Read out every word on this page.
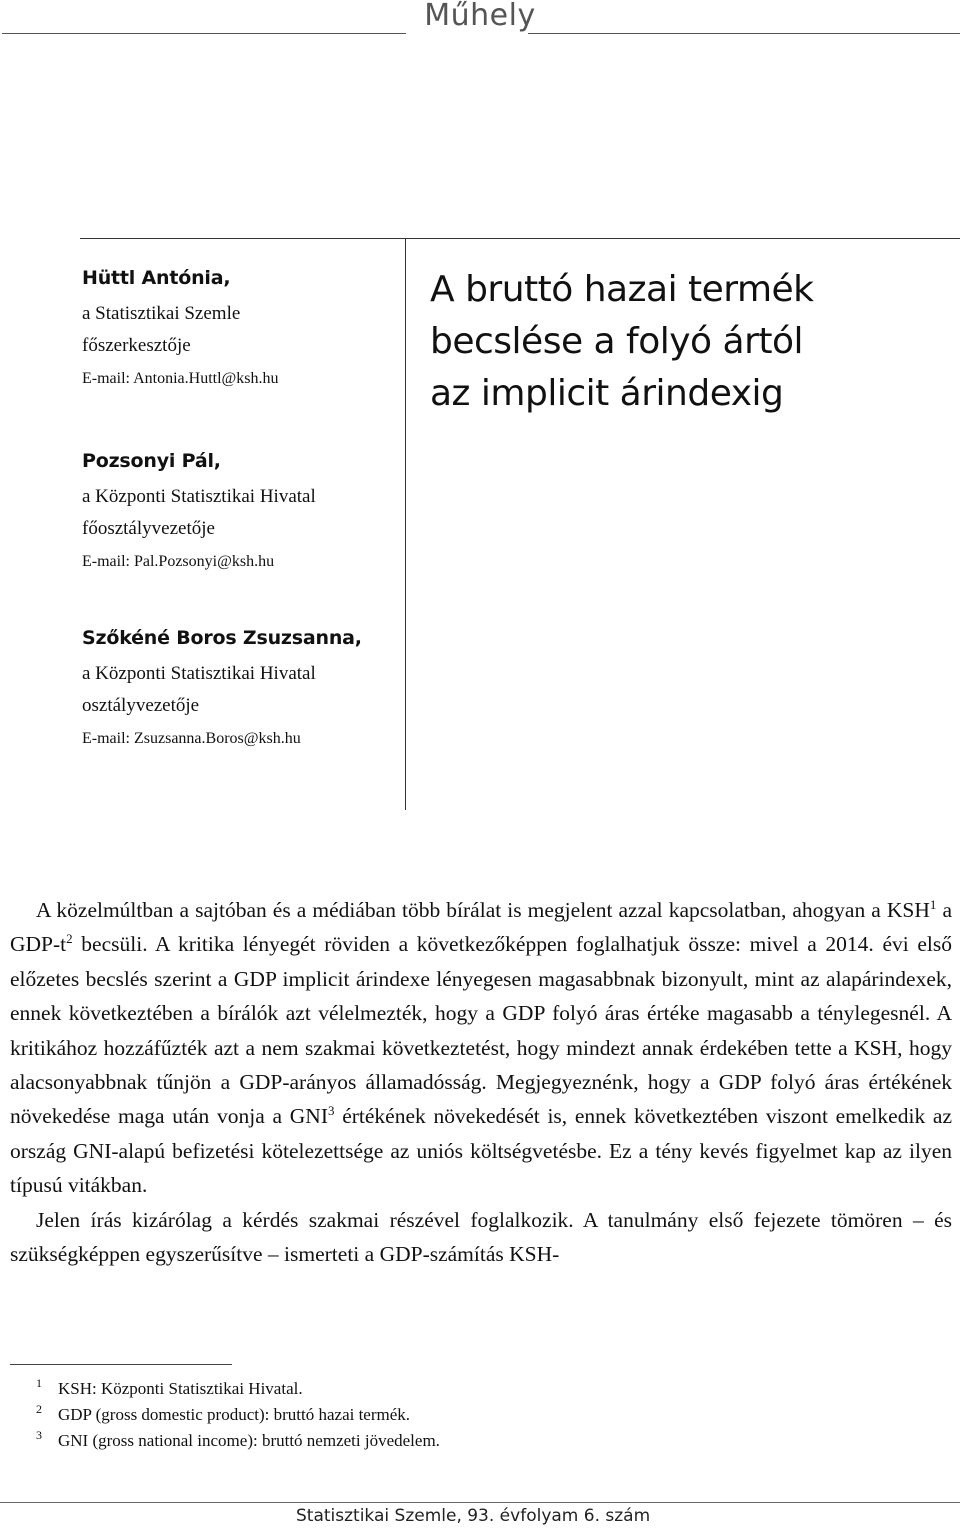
Műhely
Hüttl Antónia,
a Statisztikai Szemle
főszerkesztője
E-mail: Antonia.Huttl@ksh.hu
Pozsonyi Pál,
a Központi Statisztikai Hivatal
főosztályvezetője
E-mail: Pal.Pozsonyi@ksh.hu
Szőkéné Boros Zsuzsanna,
a Központi Statisztikai Hivatal
osztályvezetője
E-mail: Zsuzsanna.Boros@ksh.hu
A bruttó hazai termék
becslése a folyó ártól
az implicit árindexig

A közelmúltban a sajtóban és a médiában több bírálat is megjelent azzal kapcsolatban, ahogyan a KSH$^1$ a GDP-$t^2$ becsüli. A kritika lényegét röviden a következőképpen foglalhatjuk össze: mivel a 2014. évi első előzetes becslés szerint a GDP implicit árindexe lényegesen magasabbnak bizonyult, mint az alapárindexek, ennek következtében a bírálók azt vélelmezték, hogy a GDP folyó áras értéke magasabb a ténylegesnél. A kritikához hozzáfűzték azt a nem szakmai következtetést, hogy mindezt annak érdekében tette a KSH, hogy alacsonyabbnak tűnjön a GDP-arányos államadósság. Megjegyeznénk, hogy a GDP folyó áras értékének növekedése maga után vonja a GNI$^3$ értékének növekedését is, ennek következtében viszont emelkedik az ország GNI-alapú befizetési kötelezettsége az uniós költségvetésbe. Ez a tény kevés figyelmet kap az ilyen típusú vitákban.

Jelen írás kizárólag a kérdés szakmai részével foglalkozik. A tanulmány első fejezete tömören – és szükségképpen egyszerűsítve – ismerteti a GDP-számítás KSH-

1 KSH: Központi Statisztikai Hivatal.
2 GDP (gross domestic product): bruttó hazai termék.
3 GNI (gross national income): bruttó nemzeti jövedelem.
Statisztikai Szemle, 93. évfolyam 6. szám
